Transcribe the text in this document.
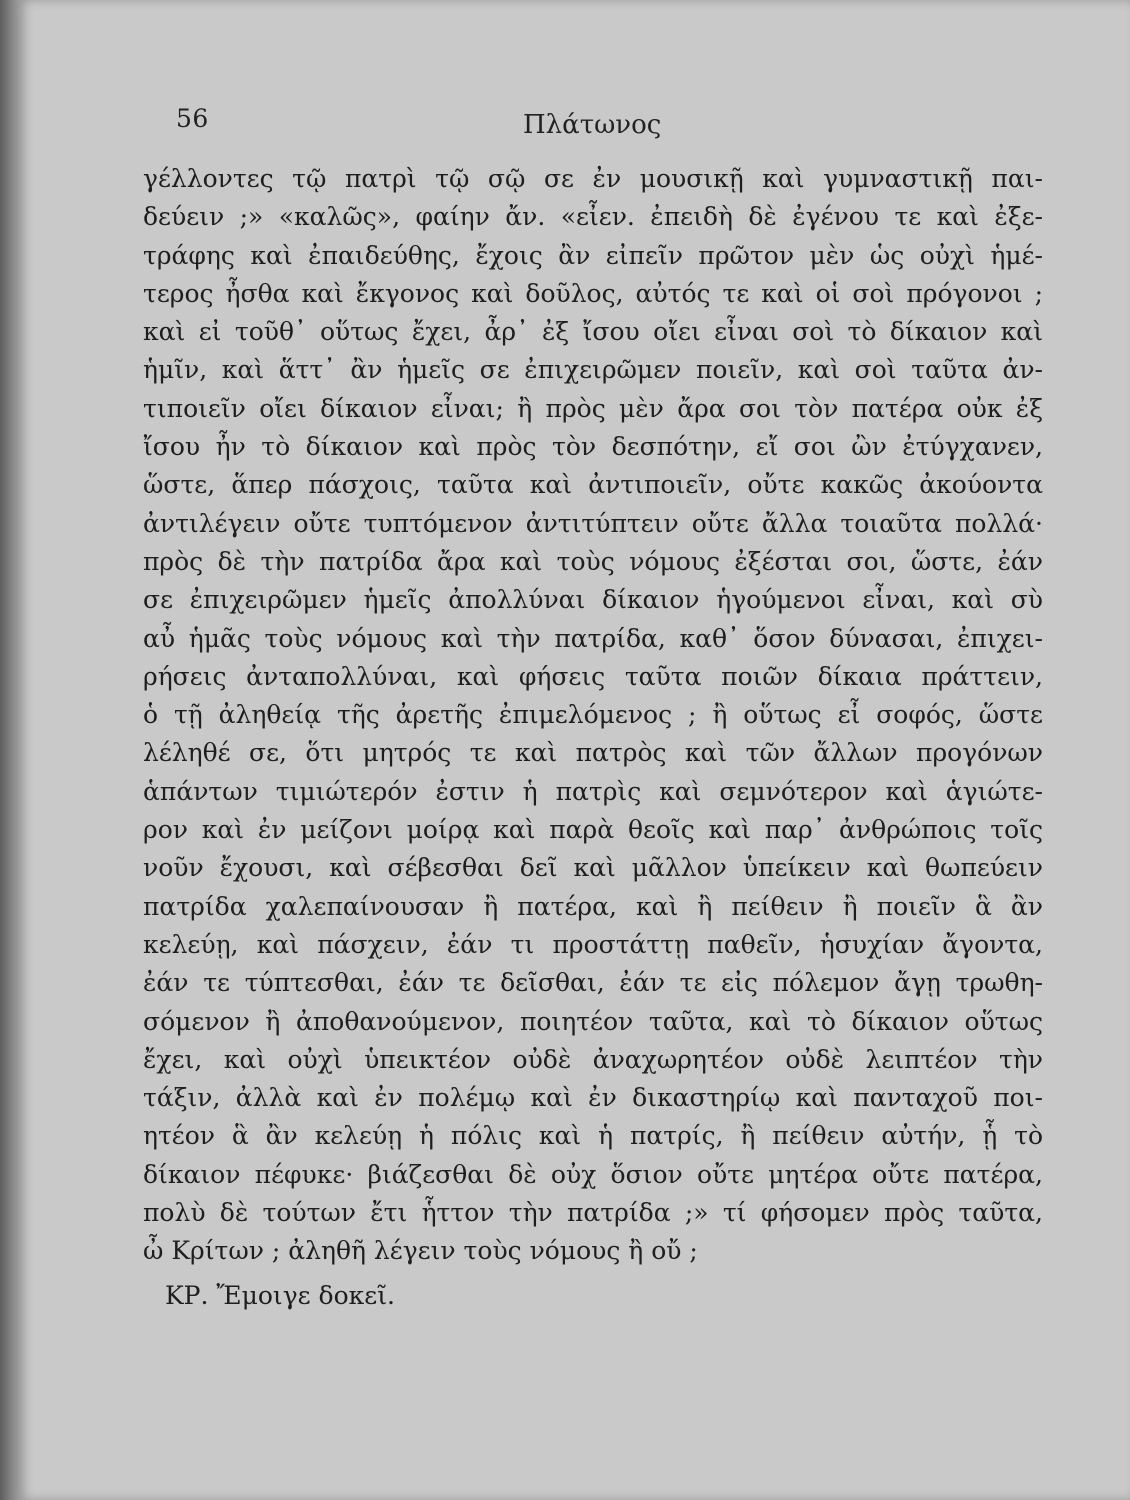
56	Πλάτωνος
γέλλοντες τῷ πατρὶ τῷ σῷ σε ἐν μουσικῇ καὶ γυμναστικῇ παι-
δεύειν ;» «καλῶς», φαίην ἄν. «εἶεν. ἐπειδὴ δὲ ἐγένου τε καὶ ἐξε-
τράφης καὶ ἐπαιδεύθης, ἔχοις ἂν εἰπεῖν πρῶτον μὲν ὡς οὐχὶ ἡμέ-
τερος ἦσθα καὶ ἔκγονος καὶ δοῦλος, αὐτός τε καὶ οἱ σοὶ πρόγονοι ;
καὶ εἰ τοῦθ᾽ οὕτως ἔχει, ἆρ᾽ ἐξ ἴσου οἴει εἶναι σοὶ τὸ δίκαιον καὶ
ἡμῖν, καὶ ἅττ᾽ ἂν ἡμεῖς σε ἐπιχειρῶμεν ποιεῖν, καὶ σοὶ ταῦτα ἀν-
τιποιεῖν οἴει δίκαιον εἶναι; ἢ πρὸς μὲν ἄρα σοι τὸν πατέρα οὐκ ἐξ
ἴσου ἦν τὸ δίκαιον καὶ πρὸς τὸν δεσπότην, εἴ σοι ὢν ἐτύγχανεν,
ὥστε, ἅπερ πάσχοις, ταῦτα καὶ ἀντιποιεῖν, οὔτε κακῶς ἀκούοντα
ἀντιλέγειν οὔτε τυπτόμενον ἀντιτύπτειν οὔτε ἄλλα τοιαῦτα πολλά·
πρὸς δὲ τὴν πατρίδα ἄρα καὶ τοὺς νόμους ἐξέσται σοι, ὥστε, ἐάν
σε ἐπιχειρῶμεν ἡμεῖς ἀπολλύναι δίκαιον ἡγούμενοι εἶναι, καὶ σὺ
αὖ ἡμᾶς τοὺς νόμους καὶ τὴν πατρίδα, καθ᾽ ὅσον δύνασαι, ἐπιχει-
ρήσεις ἀνταπολλύναι, καὶ φήσεις ταῦτα ποιῶν δίκαια πράττειν,
ὁ τῇ ἀληθείᾳ τῆς ἀρετῆς ἐπιμελόμενος ; ἢ οὕτως εἶ σοφός, ὥστε
λέληθέ σε, ὅτι μητρός τε καὶ πατρὸς καὶ τῶν ἄλλων προγόνων
ἁπάντων τιμιώτερόν ἐστιν ἡ πατρὶς καὶ σεμνότερον καὶ ἁγιώτε-
ρον καὶ ἐν μείζονι μοίρᾳ καὶ παρὰ θεοῖς καὶ παρ᾽ ἀνθρώποις τοῖς
νοῦν ἔχουσι, καὶ σέβεσθαι δεῖ καὶ μᾶλλον ὑπείκειν καὶ θωπεύειν
πατρίδα χαλεπαίνουσαν ἢ πατέρα, καὶ ἢ πείθειν ἢ ποιεῖν ἃ ἂν
κελεύῃ, καὶ πάσχειν, ἐάν τι προστάττῃ παθεῖν, ἡσυχίαν ἄγοντα,
ἐάν τε τύπτεσθαι, ἐάν τε δεῖσθαι, ἐάν τε εἰς πόλεμον ἄγῃ τρωθη-
σόμενον ἢ ἀποθανούμενον, ποιητέον ταῦτα, καὶ τὸ δίκαιον οὕτως
ἔχει, καὶ οὐχὶ ὑπεικτέον οὐδὲ ἀναχωρητέον οὐδὲ λειπτέον τὴν
τάξιν, ἀλλὰ καὶ ἐν πολέμῳ καὶ ἐν δικαστηρίῳ καὶ πανταχοῦ ποι-
ητέον ἃ ἂν κελεύῃ ἡ πόλις καὶ ἡ πατρίς, ἢ πείθειν αὐτήν, ᾗ τὸ
δίκαιον πέφυκε· βιάζεσθαι δὲ οὐχ ὅσιον οὔτε μητέρα οὔτε πατέρα,
πολὺ δὲ τούτων ἔτι ἧττον τὴν πατρίδα ;» τί φήσομεν πρὸς ταῦτα,
ὦ Κρίτων ; ἀληθῆ λέγειν τοὺς νόμους ἢ οὔ ;
ΚΡ. Ἔμοιγε δοκεῖ.
